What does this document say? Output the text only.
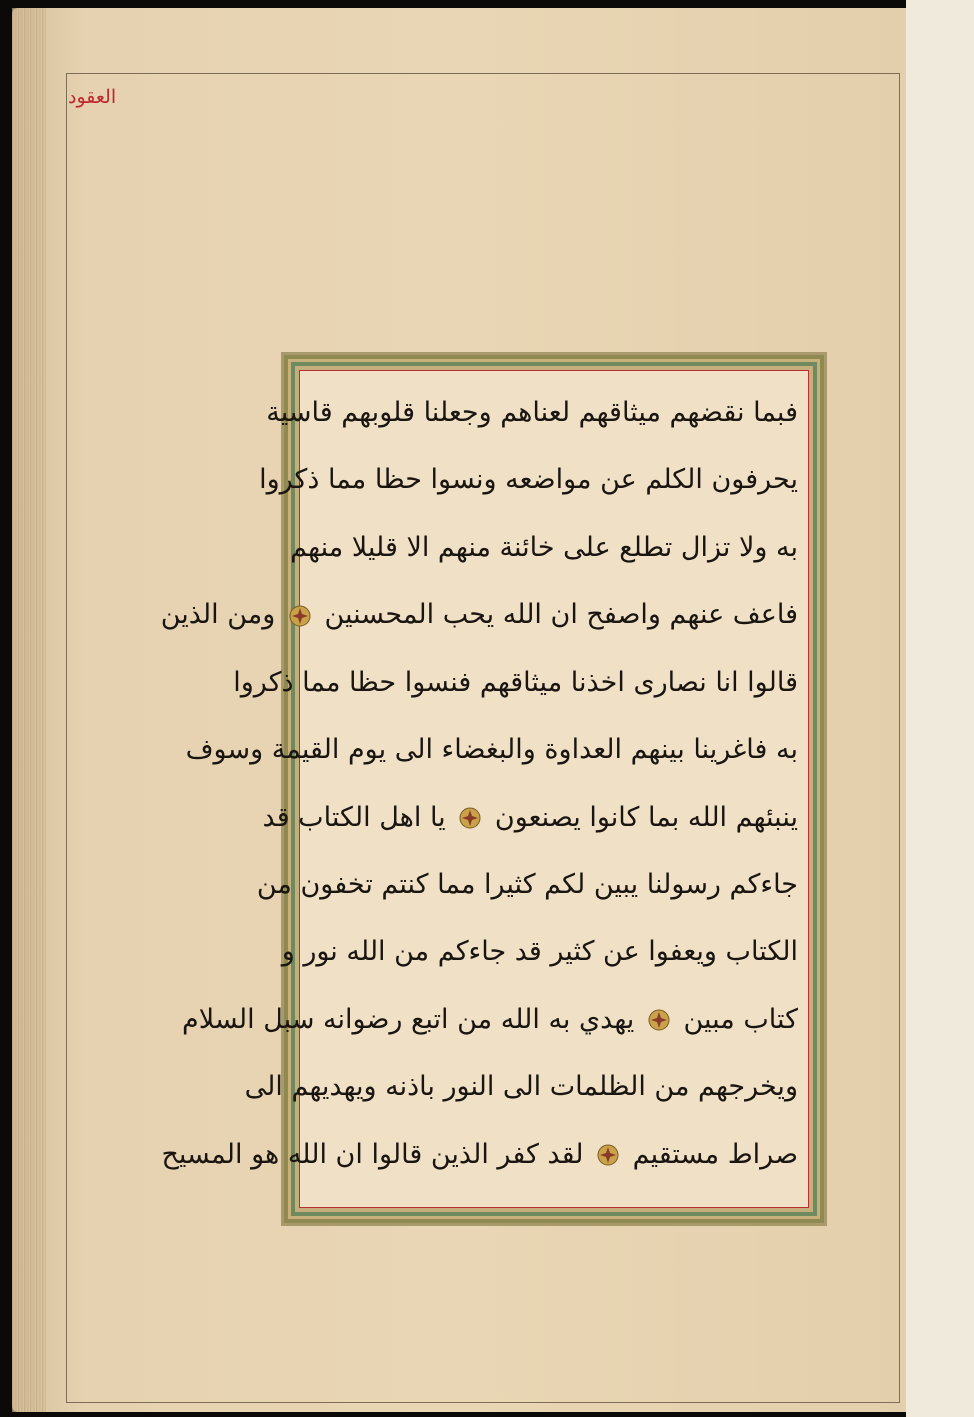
العقود
فبما نقضهم ميثاقهم لعناهم وجعلنا قلوبهم قاسية
يحرفون الكلم عن مواضعه ونسوا حظا مما ذكروا
به ولا تزال تطلع على خائنة منهم الا قليلا منهم
فاعف عنهم واصفح ان الله يحب المحسنين  ومن الذين
قالوا انا نصارى اخذنا ميثاقهم فنسوا حظا مما ذكروا
به فاغرينا بينهم العداوة والبغضاء الى يوم القيمة وسوف
ينبئهم الله بما كانوا يصنعون  يا اهل الكتاب قد
جاءكم رسولنا يبين لكم كثيرا مما كنتم تخفون من
الكتاب ويعفوا عن كثير قد جاءكم من الله نور و
كتاب مبين  يهدي به الله من اتبع رضوانه سبل السلام
ويخرجهم من الظلمات الى النور باذنه ويهديهم الى
صراط مستقيم  لقد كفر الذين قالوا ان الله هو المسيح
